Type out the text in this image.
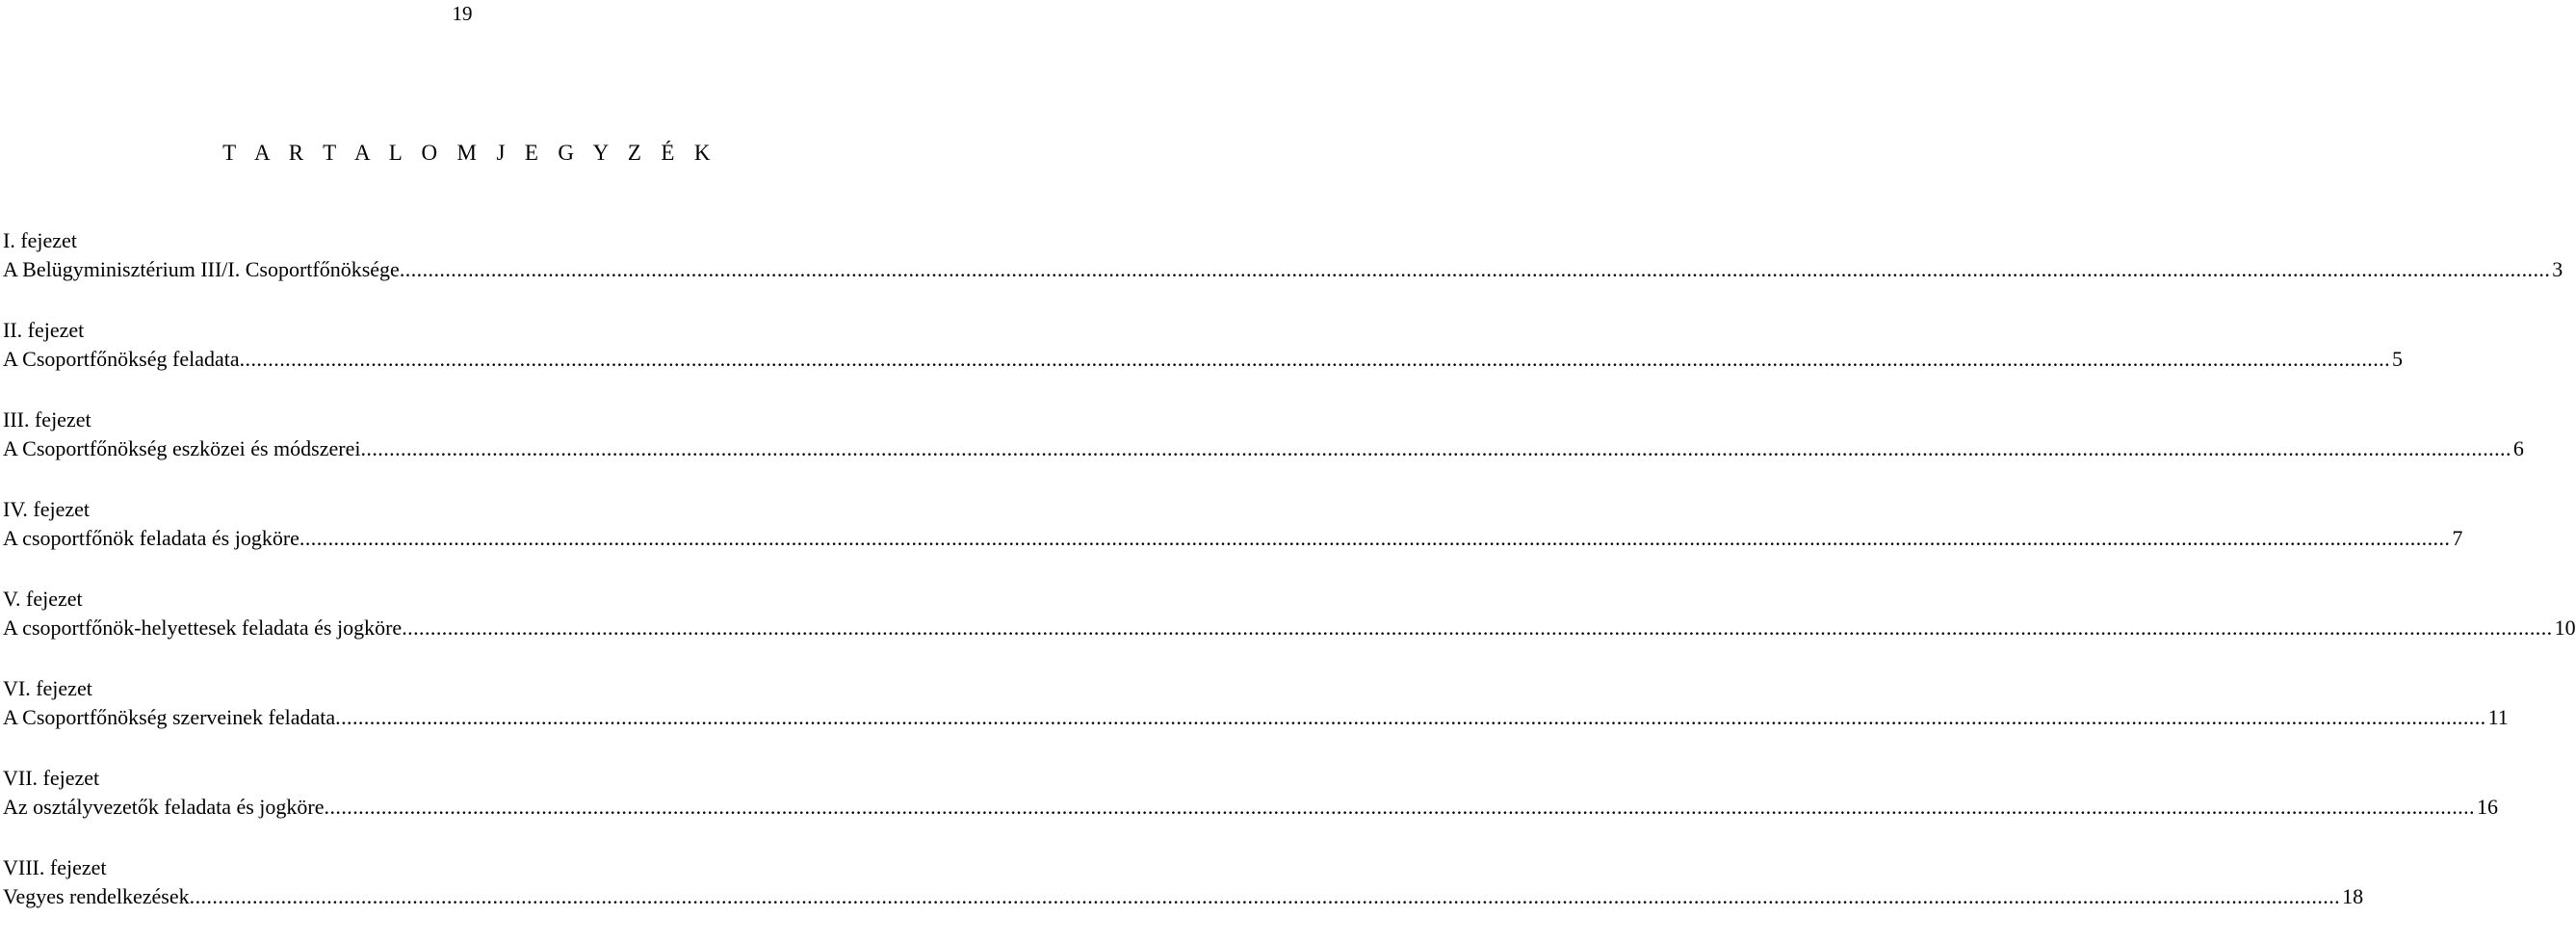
19
T A R T A L O M J E G Y Z É K
I. fejezet
A Belügyminisztérium III/I. Csoportfőnöksége .....	3
II. fejezet
A Csoportfőnökség feladata .....	5
III. fejezet
A Csoportfőnökség eszközei és módszerei .....	6
IV. fejezet
A csoportfőnök feladata és jogköre .....	7
V. fejezet
A csoportfőnök-helyettesek feladata és jogköre .....	10
VI. fejezet
A Csoportfőnökség szerveinek feladata .....	11
VII. fejezet
Az osztályvezetők feladata és jogköre .....	16
VIII. fejezet
Vegyes rendelkezések .....	18
